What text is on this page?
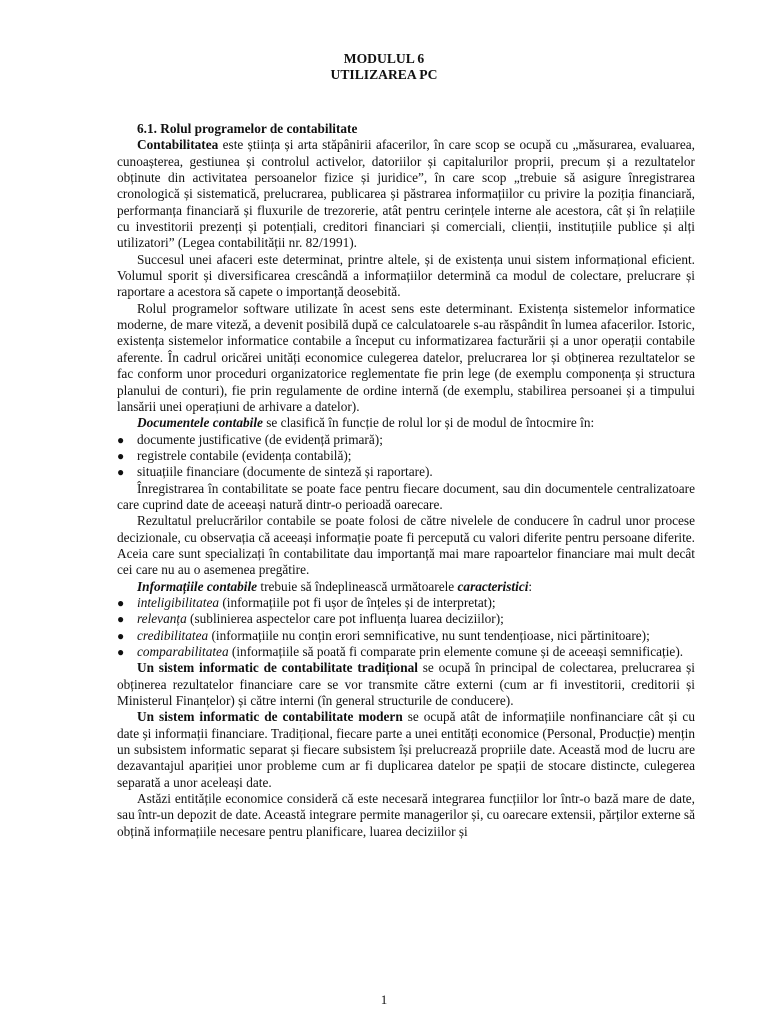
MODULUL 6
UTILIZAREA PC

6.1. Rolul programelor de contabilitate

Contabilitatea este știința și arta stăpânirii afacerilor, în care scop se ocupă cu „măsurarea, evaluarea, cunoașterea, gestiunea și controlul activelor, datoriilor și capitalurilor proprii, precum și a rezultatelor obținute din activitatea persoanelor fizice și juridice”, în care scop „trebuie să asigure înregistrarea cronologică și sistematică, prelucrarea, publicarea și păstrarea informațiilor cu privire la poziția financiară, performanța financiară și fluxurile de trezorerie, atât pentru cerințele interne ale acestora, cât și în relațiile cu investitorii prezenți și potențiali, creditori financiari și comerciali, clienții, instituțiile publice și alți utilizatori” (Legea contabilității nr. 82/1991).

Succesul unei afaceri este determinat, printre altele, și de existența unui sistem informațional eficient. Volumul sporit și diversificarea crescândă a informațiilor determină ca modul de colectare, prelucrare și raportare a acestora să capete o importanță deosebită.

Rolul programelor software utilizate în acest sens este determinant. Existența sistemelor informatice moderne, de mare viteză, a devenit posibilă după ce calculatoarele s-au răspândit în lumea afacerilor. Istoric, existența sistemelor informatice contabile a început cu informatizarea facturării și a unor operații contabile aferente. În cadrul oricărei unități economice culegerea datelor, prelucrarea lor și obținerea rezultatelor se fac conform unor proceduri organizatorice reglementate fie prin lege (de exemplu componența și structura planului de conturi), fie prin regulamente de ordine internă (de exemplu, stabilirea persoanei și a timpului lansării unei operațiuni de arhivare a datelor).

Documentele contabile se clasifică în funcție de rolul lor și de modul de întocmire în:

● documente justificative (de evidență primară);
● registrele contabile (evidența contabilă);
● situațiile financiare (documente de sinteză și raportare).

Înregistrarea în contabilitate se poate face pentru fiecare document, sau din documentele centralizatoare care cuprind date de aceeași natură dintr-o perioadă oarecare.

Rezultatul prelucrărilor contabile se poate folosi de către nivelele de conducere în cadrul unor procese decizionale, cu observația că aceeași informație poate fi percepută cu valori diferite pentru persoane diferite. Aceia care sunt specializați în contabilitate dau importanță mai mare rapoartelor financiare mai mult decât cei care nu au o asemenea pregătire.

Informațiile contabile trebuie să îndeplinească următoarele caracteristici:

● inteligibilitatea (informațiile pot fi ușor de înțeles și de interpretat);
● relevanța (sublinierea aspectelor care pot influența luarea deciziilor);
● credibilitatea (informațiile nu conțin erori semnificative, nu sunt tendențioase, nici părtinitoare);
● comparabilitatea (informațiile să poată fi comparate prin elemente comune și de aceeași semnificație).

Un sistem informatic de contabilitate tradițional se ocupă în principal de colectarea, prelucrarea și obținerea rezultatelor financiare care se vor transmite către externi (cum ar fi investitorii, creditorii și Ministerul Finanțelor) și către interni (în general structurile de conducere).

Un sistem informatic de contabilitate modern se ocupă atât de informațiile nonfinanciare cât și cu date și informații financiare. Tradițional, fiecare parte a unei entități economice (Personal, Producție) mențin un subsistem informatic separat și fiecare subsistem își prelucrează propriile date. Această mod de lucru are dezavantajul apariției unor probleme cum ar fi duplicarea datelor pe spații de stocare distincte, culegerea separată a unor aceleași date.

Astăzi entitățile economice consideră că este necesară integrarea funcțiilor lor într-o bază mare de date, sau într-un depozit de date. Această integrare permite managerilor și, cu oarecare extensii, părților externe să obțină informațiile necesare pentru planificare, luarea deciziilor și

1
